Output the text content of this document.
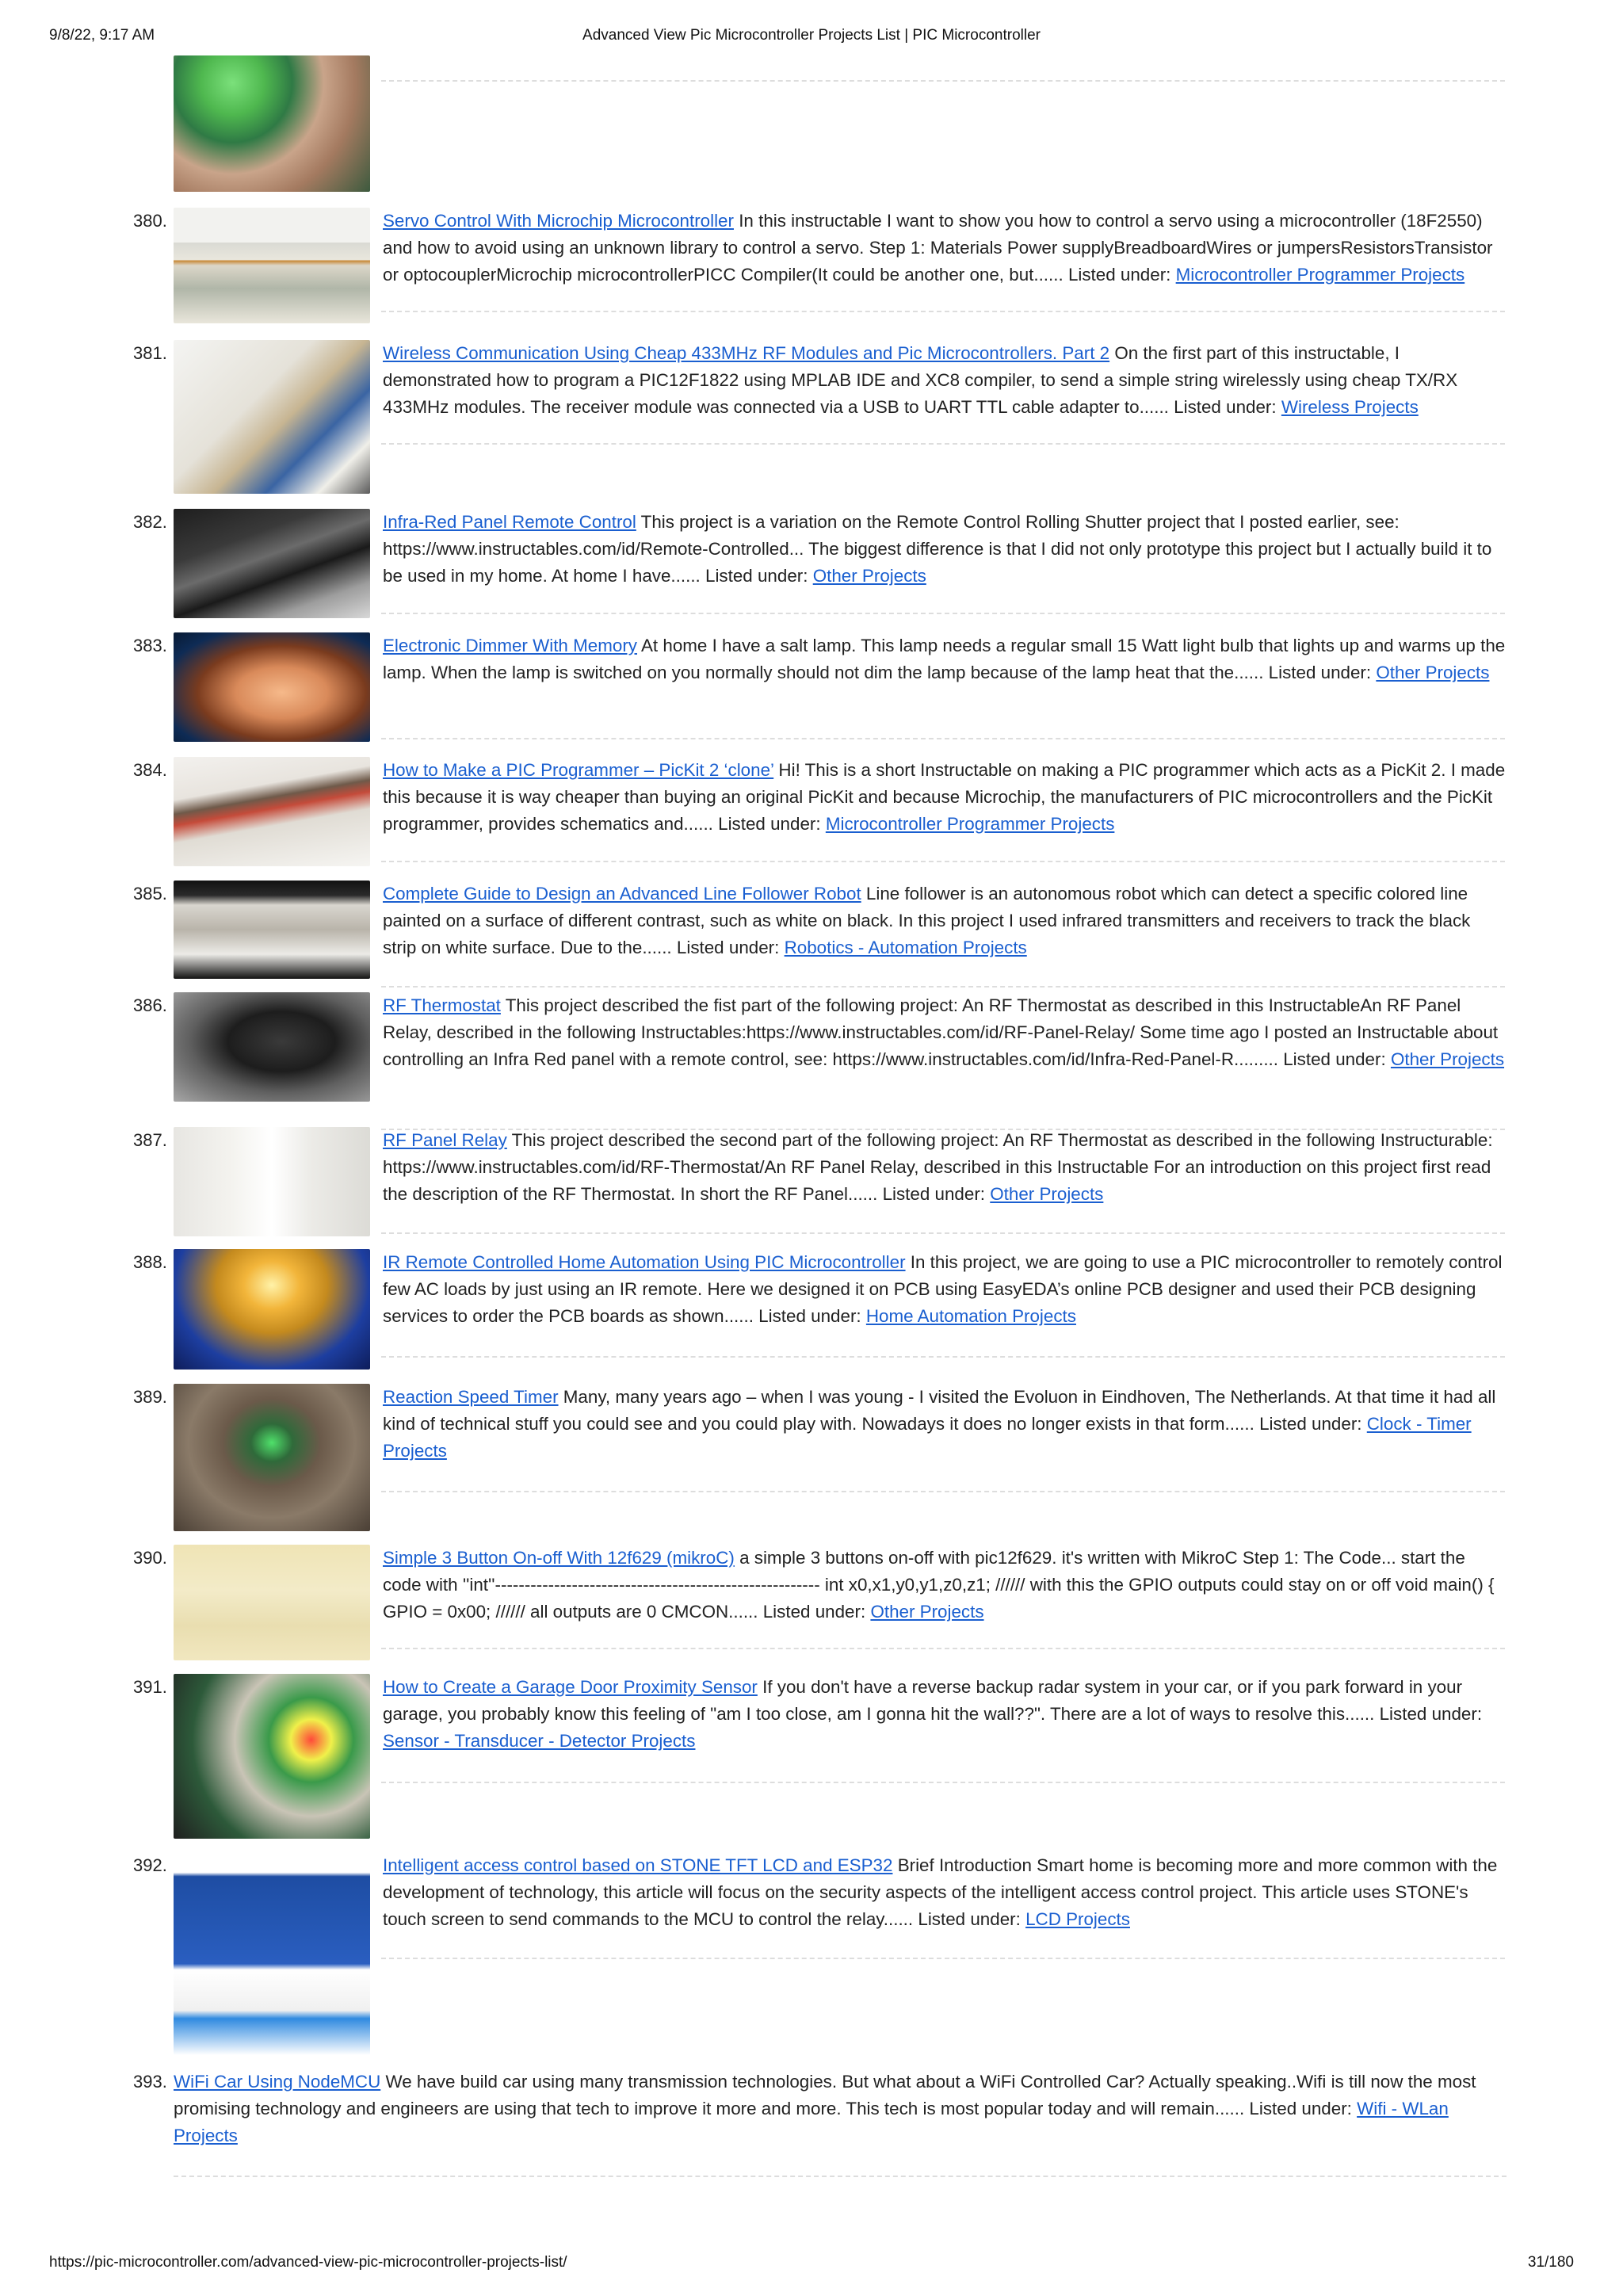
9/8/22, 9:17 AM	Advanced View Pic Microcontroller Projects List | PIC Microcontroller
380.	Servo Control With Microchip Microcontroller In this instructable I want to show you how to control a servo using a microcontroller (18F2550) and how to avoid using an unknown library to control a servo. Step 1: Materials Power supplyBreadboardWires or jumpersResistorsTransistor or optocouplerMicrochip microcontrollerPICC Compiler(It could be another one, but...... Listed under: Microcontroller Programmer Projects
381.	Wireless Communication Using Cheap 433MHz RF Modules and Pic Microcontrollers. Part 2 On the first part of this instructable, I demonstrated how to program a PIC12F1822 using MPLAB IDE and XC8 compiler, to send a simple string wirelessly using cheap TX/RX 433MHz modules. The receiver module was connected via a USB to UART TTL cable adapter to...... Listed under: Wireless Projects
382.	Infra-Red Panel Remote Control This project is a variation on the Remote Control Rolling Shutter project that I posted earlier, see: https://www.instructables.com/id/Remote-Controlled... The biggest difference is that I did not only prototype this project but I actually build it to be used in my home. At home I have...... Listed under: Other Projects
383.	Electronic Dimmer With Memory At home I have a salt lamp. This lamp needs a regular small 15 Watt light bulb that lights up and warms up the lamp. When the lamp is switched on you normally should not dim the lamp because of the lamp heat that the...... Listed under: Other Projects
384.	How to Make a PIC Programmer – PicKit 2 ‘clone’ Hi! This is a short Instructable on making a PIC programmer which acts as a PicKit 2. I made this because it is way cheaper than buying an original PicKit and because Microchip, the manufacturers of PIC microcontrollers and the PicKit programmer, provides schematics and...... Listed under: Microcontroller Programmer Projects
385.	Complete Guide to Design an Advanced Line Follower Robot Line follower is an autonomous robot which can detect a specific colored line painted on a surface of different contrast, such as white on black. In this project I used infrared transmitters and receivers to track the black strip on white surface. Due to the...... Listed under: Robotics - Automation Projects
386.	RF Thermostat This project described the fist part of the following project: An RF Thermostat as described in this InstructableAn RF Panel Relay, described in the following Instructables:https://www.instructables.com/id/RF-Panel-Relay/ Some time ago I posted an Instructable about controlling an Infra Red panel with a remote control, see: https://www.instructables.com/id/Infra-Red-Panel-R......... Listed under: Other Projects
387.	RF Panel Relay This project described the second part of the following project: An RF Thermostat as described in the following Instructurable: https://www.instructables.com/id/RF-Thermostat/An RF Panel Relay, described in this Instructable For an introduction on this project first read the description of the RF Thermostat. In short the RF Panel...... Listed under: Other Projects
388.	IR Remote Controlled Home Automation Using PIC Microcontroller In this project, we are going to use a PIC microcontroller to remotely control few AC loads by just using an IR remote. Here we designed it on PCB using EasyEDA’s online PCB designer and used their PCB designing services to order the PCB boards as shown...... Listed under: Home Automation Projects
389.	Reaction Speed Timer Many, many years ago – when I was young - I visited the Evoluon in Eindhoven, The Netherlands. At that time it had all kind of technical stuff you could see and you could play with. Nowadays it does no longer exists in that form...... Listed under: Clock - Timer Projects
390.	Simple 3 Button On-off With 12f629 (mikroC) a simple 3 buttons on-off with pic12f629. it's written with MikroC Step 1: The Code... start the code with ''int''------------------------------------------------------- int x0,x1,y0,y1,z0,z1; ////// with this the GPIO outputs could stay on or off void main() { GPIO = 0x00; ////// all outputs are 0 CMCON...... Listed under: Other Projects
391.	How to Create a Garage Door Proximity Sensor If you don't have a reverse backup radar system in your car, or if you park forward in your garage, you probably know this feeling of "am I too close, am I gonna hit the wall??". There are a lot of ways to resolve this...... Listed under: Sensor - Transducer - Detector Projects
392.	Intelligent access control based on STONE TFT LCD and ESP32 Brief Introduction Smart home is becoming more and more common with the development of technology, this article will focus on the security aspects of the intelligent access control project. This article uses STONE's touch screen to send commands to the MCU to control the relay...... Listed under: LCD Projects
393. WiFi Car Using NodeMCU We have build car using many transmission technologies. But what about a WiFi Controlled Car? Actually speaking..Wifi is till now the most promising technology and engineers are using that tech to improve it more and more. This tech is most popular today and will remain...... Listed under: Wifi - WLan Projects
https://pic-microcontroller.com/advanced-view-pic-microcontroller-projects-list/	31/180
